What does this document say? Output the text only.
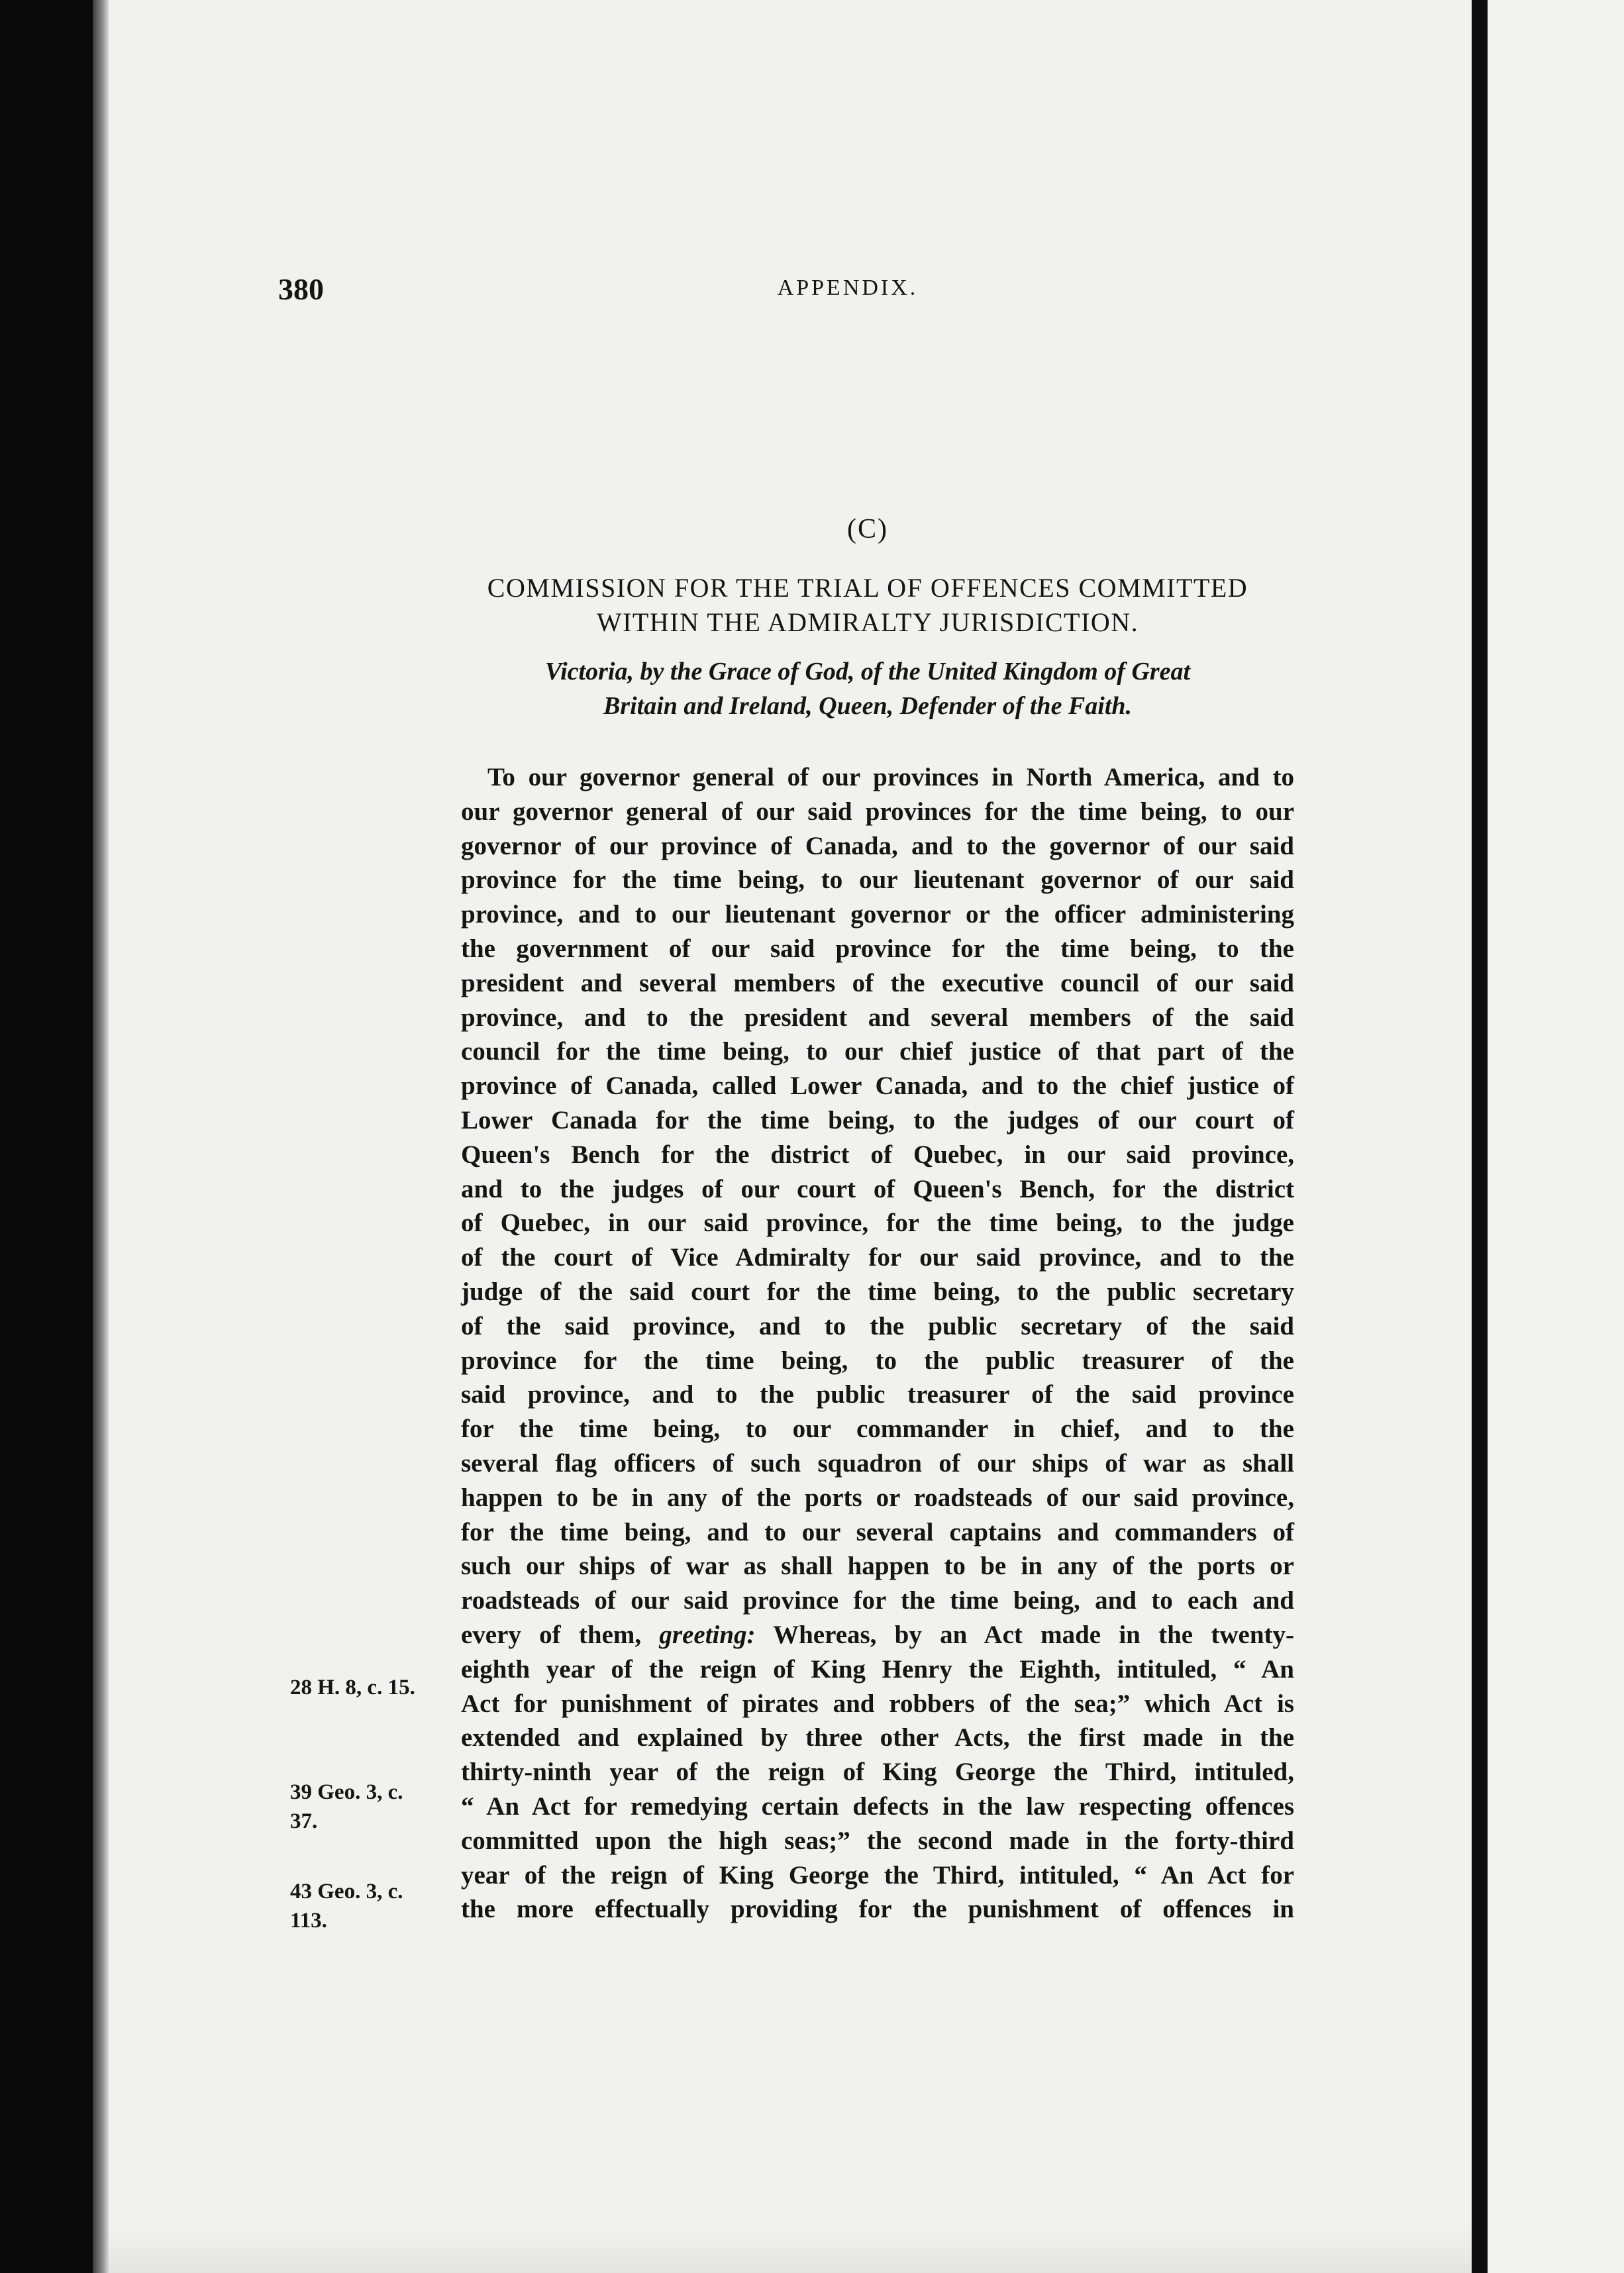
380	APPENDIX.
(C)
COMMISSION FOR THE TRIAL OF OFFENCES COMMITTED
WITHIN THE ADMIRALTY JURISDICTION.
Victoria, by the Grace of God, of the United Kingdom of Great
Britain and Ireland, Queen, Defender of the Faith.
To our governor general of our provinces in North America, and to
our governor general of our said provinces for the time being, to our
governor of our province of Canada, and to the governor of our said
province for the time being, to our lieutenant governor of our said
province, and to our lieutenant governor or the officer administering
the government of our said province for the time being, to the
president and several members of the executive council of our said
province, and to the president and several members of the said
council for the time being, to our chief justice of that part of the
province of Canada, called Lower Canada, and to the chief justice of
Lower Canada for the time being, to the judges of our court of
Queen's Bench for the district of Quebec, in our said province,
and to the judges of our court of Queen's Bench, for the district
of Quebec, in our said province, for the time being, to the judge
of the court of Vice Admiralty for our said province, and to the
judge of the said court for the time being, to the public secretary
of the said province, and to the public secretary of the said
province for the time being, to the public treasurer of the
said province, and to the public treasurer of the said province
for the time being, to our commander in chief, and to the
several flag officers of such squadron of our ships of war as shall
happen to be in any of the ports or roadsteads of our said province,
for the time being, and to our several captains and commanders of
such our ships of war as shall happen to be in any of the ports or
roadsteads of our said province for the time being, and to each and
every of them, greeting: Whereas, by an Act made in the twenty-
eighth year of the reign of King Henry the Eighth, intituled, “ An
Act for punishment of pirates and robbers of the sea;” which Act is
extended and explained by three other Acts, the first made in the
thirty-ninth year of the reign of King George the Third, intituled,
“ An Act for remedying certain defects in the law respecting offences
committed upon the high seas;” the second made in the forty-third
year of the reign of King George the Third, intituled, “ An Act for
the more effectually providing for the punishment of offences in
28 H. 8, c. 15.
39 Geo. 3, c.
37.
43 Geo. 3, c.
113.
